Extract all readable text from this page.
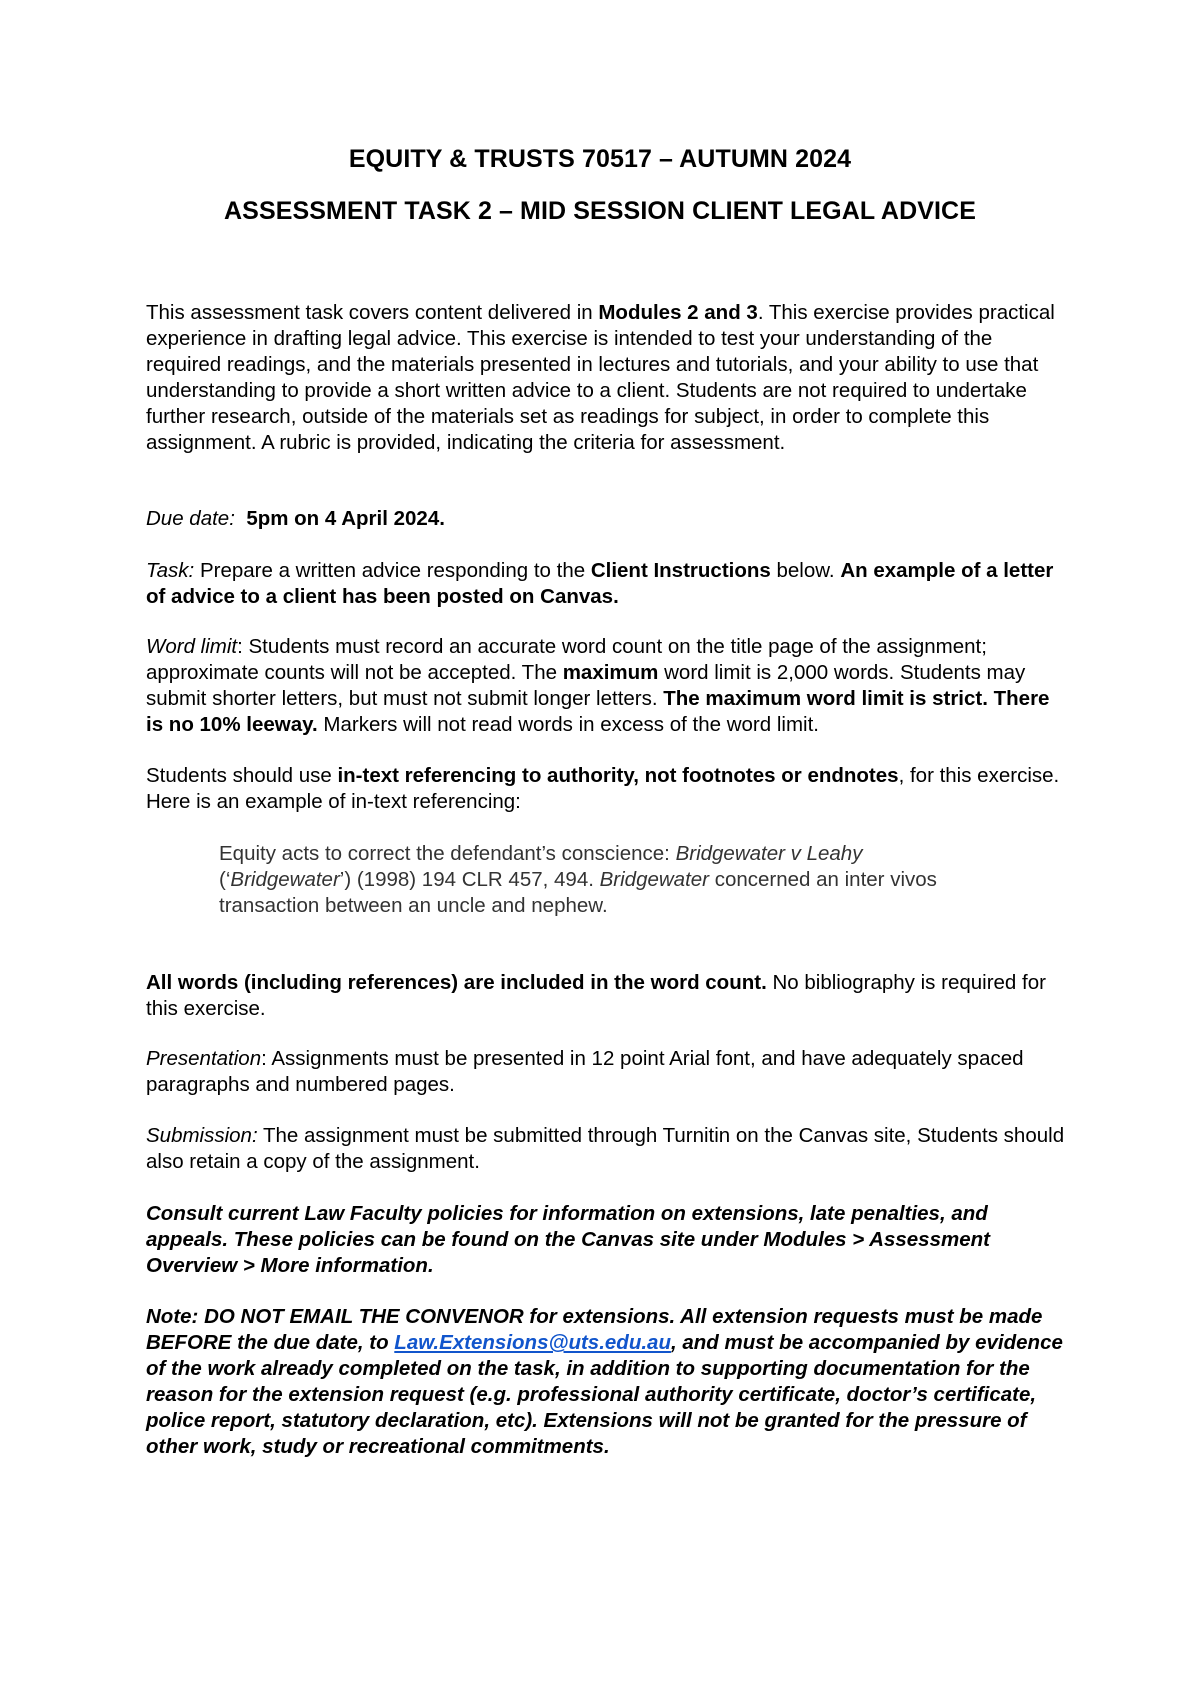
EQUITY & TRUSTS 70517 – AUTUMN 2024
ASSESSMENT TASK 2 – MID SESSION CLIENT LEGAL ADVICE

This assessment task covers content delivered in Modules 2 and 3. This exercise provides practical experience in drafting legal advice. This exercise is intended to test your understanding of the required readings, and the materials presented in lectures and tutorials, and your ability to use that understanding to provide a short written advice to a client. Students are not required to undertake further research, outside of the materials set as readings for subject, in order to complete this assignment. A rubric is provided, indicating the criteria for assessment.

Due date: 5pm on 4 April 2024.

Task: Prepare a written advice responding to the Client Instructions below. An example of a letter of advice to a client has been posted on Canvas.

Word limit: Students must record an accurate word count on the title page of the assignment; approximate counts will not be accepted. The maximum word limit is 2,000 words. Students may submit shorter letters, but must not submit longer letters. The maximum word limit is strict. There is no 10% leeway. Markers will not read words in excess of the word limit.

Students should use in-text referencing to authority, not footnotes or endnotes, for this exercise. Here is an example of in-text referencing:

Equity acts to correct the defendant’s conscience: Bridgewater v Leahy (‘Bridgewater’) (1998) 194 CLR 457, 494. Bridgewater concerned an inter vivos transaction between an uncle and nephew.

All words (including references) are included in the word count. No bibliography is required for this exercise.

Presentation: Assignments must be presented in 12 point Arial font, and have adequately spaced paragraphs and numbered pages.

Submission: The assignment must be submitted through Turnitin on the Canvas site, Students should also retain a copy of the assignment.

Consult current Law Faculty policies for information on extensions, late penalties, and appeals. These policies can be found on the Canvas site under Modules > Assessment Overview > More information.

Note: DO NOT EMAIL THE CONVENOR for extensions. All extension requests must be made BEFORE the due date, to Law.Extensions@uts.edu.au, and must be accompanied by evidence of the work already completed on the task, in addition to supporting documentation for the reason for the extension request (e.g. professional authority certificate, doctor’s certificate, police report, statutory declaration, etc). Extensions will not be granted for the pressure of other work, study or recreational commitments.
